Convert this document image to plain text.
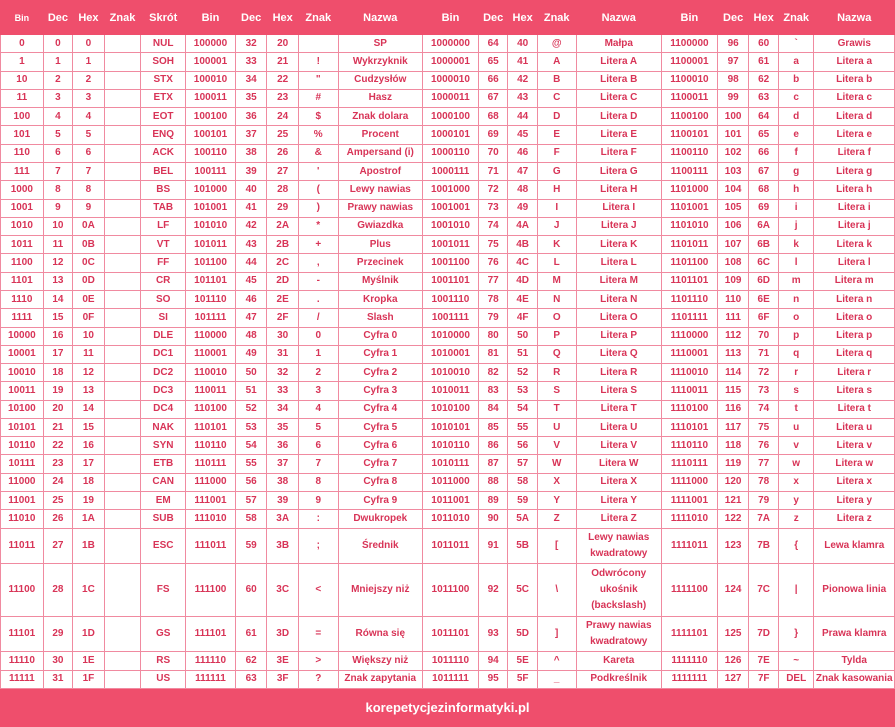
Bin	Dec	Hex	Znak	Skrót	Bin	Dec	Hex	Znak	Nazwa	Bin	Dec	Hex	Znak	Nazwa	Bin	Dec	Hex	Znak	Nazwa
0	0	0		NUL	100000	32	20		SP	1000000	64	40	@	Małpa	1100000	96	60	`	Grawis
1	1	1		SOH	100001	33	21	!	Wykrzyknik	1000001	65	41	A	Litera A	1100001	97	61	a	Litera a
10	2	2		STX	100010	34	22	"	Cudzysłów	1000010	66	42	B	Litera B	1100010	98	62	b	Litera b
11	3	3		ETX	100011	35	23	#	Hasz	1000011	67	43	C	Litera C	1100011	99	63	c	Litera c
100	4	4		EOT	100100	36	24	$	Znak dolara	1000100	68	44	D	Litera D	1100100	100	64	d	Litera d
101	5	5		ENQ	100101	37	25	%	Procent	1000101	69	45	E	Litera E	1100101	101	65	e	Litera e
110	6	6		ACK	100110	38	26	&	Ampersand (i)	1000110	70	46	F	Litera F	1100110	102	66	f	Litera f
111	7	7		BEL	100111	39	27	'	Apostrof	1000111	71	47	G	Litera G	1100111	103	67	g	Litera g
1000	8	8		BS	101000	40	28	(	Lewy nawias	1001000	72	48	H	Litera H	1101000	104	68	h	Litera h
1001	9	9		TAB	101001	41	29	)	Prawy nawias	1001001	73	49	I	Litera I	1101001	105	69	i	Litera i
1010	10	0A		LF	101010	42	2A	*	Gwiazdka	1001010	74	4A	J	Litera J	1101010	106	6A	j	Litera j
1011	11	0B		VT	101011	43	2B	+	Plus	1001011	75	4B	K	Litera K	1101011	107	6B	k	Litera k
1100	12	0C		FF	101100	44	2C	,	Przecinek	1001100	76	4C	L	Litera L	1101100	108	6C	l	Litera l
1101	13	0D		CR	101101	45	2D	-	Myślnik	1001101	77	4D	M	Litera M	1101101	109	6D	m	Litera m
1110	14	0E		SO	101110	46	2E	.	Kropka	1001110	78	4E	N	Litera N	1101110	110	6E	n	Litera n
1111	15	0F		SI	101111	47	2F	/	Slash	1001111	79	4F	O	Litera O	1101111	111	6F	o	Litera o
10000	16	10		DLE	110000	48	30	0	Cyfra 0	1010000	80	50	P	Litera P	1110000	112	70	p	Litera p
10001	17	11		DC1	110001	49	31	1	Cyfra 1	1010001	81	51	Q	Litera Q	1110001	113	71	q	Litera q
10010	18	12		DC2	110010	50	32	2	Cyfra 2	1010010	82	52	R	Litera R	1110010	114	72	r	Litera r
10011	19	13		DC3	110011	51	33	3	Cyfra 3	1010011	83	53	S	Litera S	1110011	115	73	s	Litera s
10100	20	14		DC4	110100	52	34	4	Cyfra 4	1010100	84	54	T	Litera T	1110100	116	74	t	Litera t
10101	21	15		NAK	110101	53	35	5	Cyfra 5	1010101	85	55	U	Litera U	1110101	117	75	u	Litera u
10110	22	16		SYN	110110	54	36	6	Cyfra 6	1010110	86	56	V	Litera V	1110110	118	76	v	Litera v
10111	23	17		ETB	110111	55	37	7	Cyfra 7	1010111	87	57	W	Litera W	1110111	119	77	w	Litera w
11000	24	18		CAN	111000	56	38	8	Cyfra 8	1011000	88	58	X	Litera X	1111000	120	78	x	Litera x
11001	25	19		EM	111001	57	39	9	Cyfra 9	1011001	89	59	Y	Litera Y	1111001	121	79	y	Litera y
11010	26	1A		SUB	111010	58	3A	:	Dwukropek	1011010	90	5A	Z	Litera Z	1111010	122	7A	z	Litera z
11011	27	1B		ESC	111011	59	3B	;	Średnik	1011011	91	5B	[	Lewy nawias kwadratowy	1111011	123	7B	{	Lewa klamra
11100	28	1C		FS	111100	60	3C	<	Mniejszy niż	1011100	92	5C	\	Odwrócony ukośnik (backslash)	1111100	124	7C	|	Pionowa linia
11101	29	1D		GS	111101	61	3D	=	Równa się	1011101	93	5D	]	Prawy nawias kwadratowy	1111101	125	7D	}	Prawa klamra
11110	30	1E		RS	111110	62	3E	>	Większy niż	1011110	94	5E	^	Kareta	1111110	126	7E	~	Tylda
11111	31	1F		US	111111	63	3F	?	Znak zapytania	1011111	95	5F	_	Podkreślnik	1111111	127	7F	DEL	Znak kasowania
korepetycjezinformatyki.pl
